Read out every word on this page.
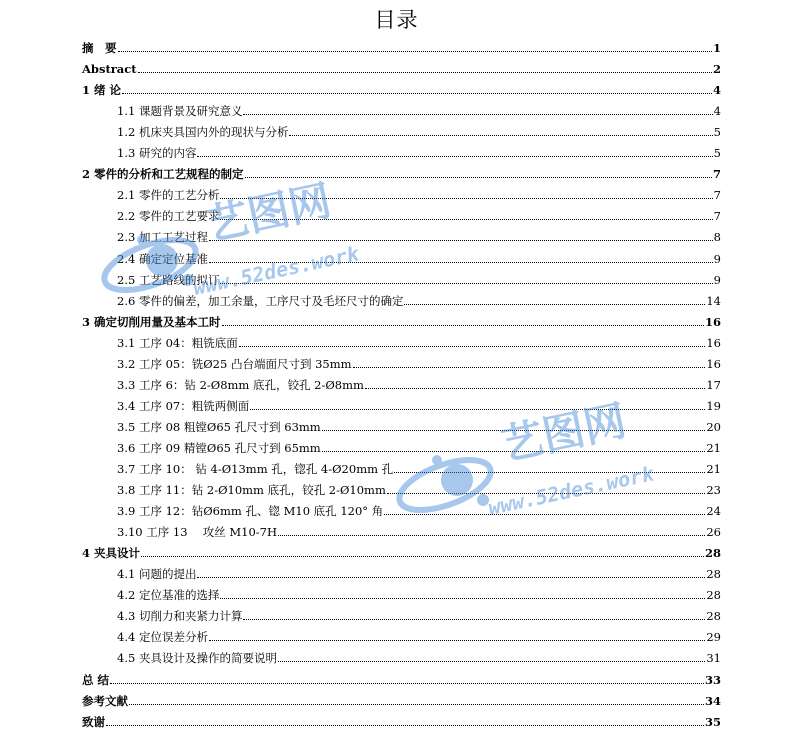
目录
摘　要	1
Abstract	2
1 绪 论	4
1.1 课题背景及研究意义	4
1.2 机床夹具国内外的现状与分析	5
1.3 研究的内容	5
2 零件的分析和工艺规程的制定	7
2.1 零件的工艺分析	7
2.2 零件的工艺要求	7
2.3 加工工艺过程	8
2.4 确定定位基准	9
2.5 工艺路线的拟订	9
2.6 零件的偏差，加工余量，工序尺寸及毛坯尺寸的确定	14
3 确定切削用量及基本工时	16
3.1 工序 04：粗铣底面	16
3.2 工序 05：铣Ø25 凸台端面尺寸到 35mm	16
3.3 工序 6：钻 2-Ø8mm 底孔，铰孔 2-Ø8mm	17
3.4 工序 07：粗铣两侧面	19
3.5 工序 08 粗镗Ø65 孔尺寸到 63mm	20
3.6 工序 09 精镗Ø65 孔尺寸到 65mm	21
3.7 工序 10： 钻 4-Ø13mm 孔，锪孔 4-Ø20mm 孔	21
3.8 工序 11：钻 2-Ø10mm 底孔，铰孔 2-Ø10mm	23
3.9 工序 12：钻Ø6mm 孔、锪 M10 底孔 120° 角	24
3.10 工序 13　 攻丝 M10-7H	26
4 夹具设计	28
4.1 问题的提出	28
4.2 定位基准的选择	28
4.3 切削力和夹紧力计算	28
4.4 定位误差分析	29
4.5 夹具设计及操作的简要说明	31
总 结	33
参考文献	34
致谢	35
艺图网
www.52des.work
艺图网
www.52des.work
